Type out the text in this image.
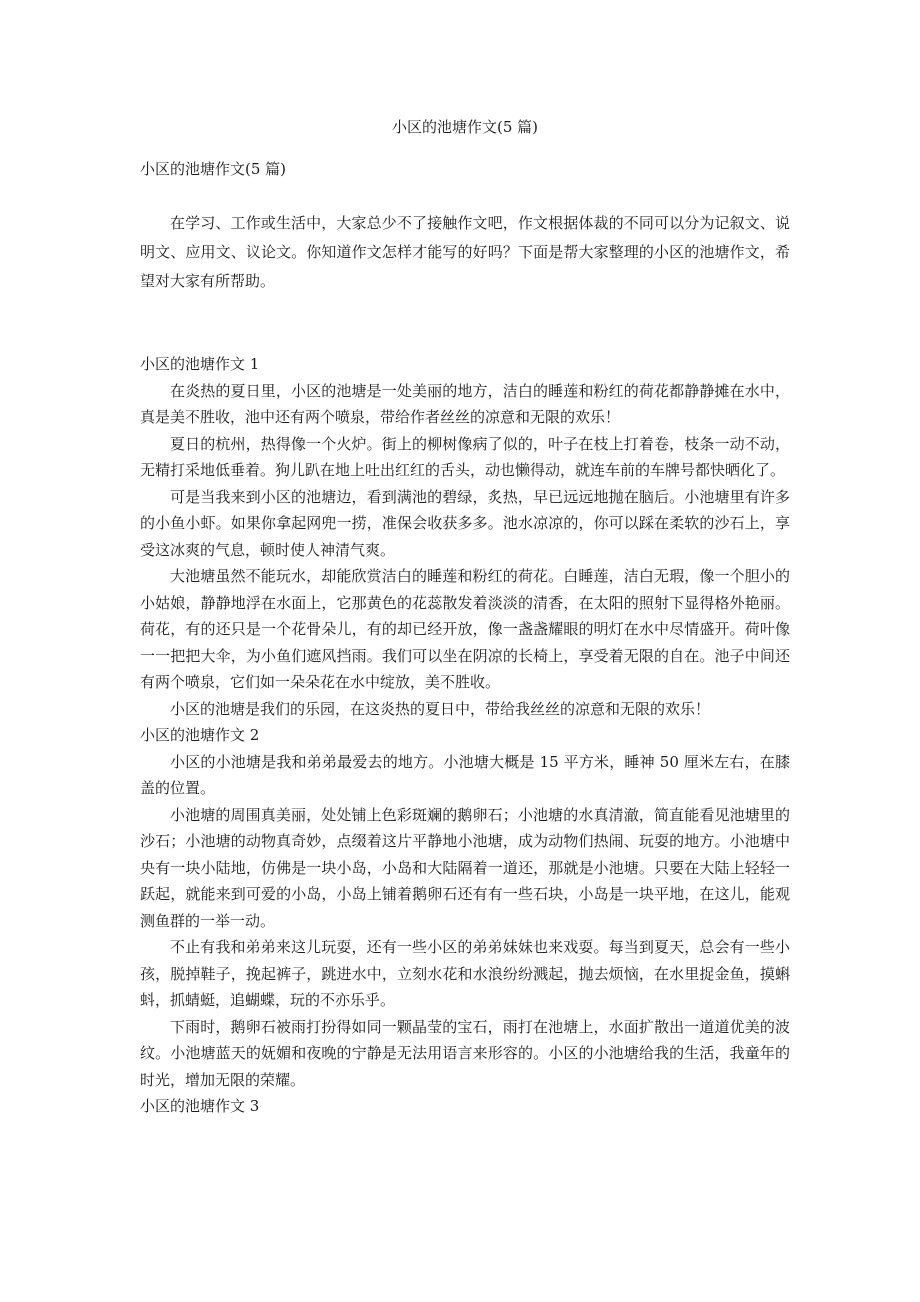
小区的池塘作文(5 篇)
小区的池塘作文(5 篇)

在学习、工作或生活中，大家总少不了接触作文吧，作文根据体裁的不同可以分为记叙文、说明文、应用文、议论文。你知道作文怎样才能写的好吗？下面是帮大家整理的小区的池塘作文，希望对大家有所帮助。

小区的池塘作文 1

在炎热的夏日里，小区的池塘是一处美丽的地方，洁白的睡莲和粉红的荷花都静静摊在水中，真是美不胜收，池中还有两个喷泉，带给作者丝丝的凉意和无限的欢乐！

夏日的杭州，热得像一个火炉。街上的柳树像病了似的，叶子在枝上打着卷，枝条一动不动，无精打采地低垂着。狗儿趴在地上吐出红红的舌头，动也懒得动，就连车前的车牌号都快晒化了。

可是当我来到小区的池塘边，看到满池的碧绿，炙热，早已远远地抛在脑后。小池塘里有许多的小鱼小虾。如果你拿起网兜一捞，准保会收获多多。池水凉凉的，你可以踩在柔软的沙石上，享受这冰爽的气息，顿时使人神清气爽。

大池塘虽然不能玩水，却能欣赏洁白的睡莲和粉红的荷花。白睡莲，洁白无瑕，像一个胆小的小姑娘，静静地浮在水面上，它那黄色的花蕊散发着淡淡的清香，在太阳的照射下显得格外艳丽。荷花，有的还只是一个花骨朵儿，有的却已经开放，像一盏盏耀眼的明灯在水中尽情盛开。荷叶像一一把把大伞，为小鱼们遮风挡雨。我们可以坐在阴凉的长椅上，享受着无限的自在。池子中间还有两个喷泉，它们如一朵朵花在水中绽放，美不胜收。

小区的池塘是我们的乐园，在这炎热的夏日中，带给我丝丝的凉意和无限的欢乐！

小区的池塘作文 2

小区的小池塘是我和弟弟最爱去的地方。小池塘大概是 15 平方米，睡神 50 厘米左右，在膝盖的位置。

小池塘的周围真美丽，处处铺上色彩斑斓的鹅卵石；小池塘的水真清澈，简直能看见池塘里的沙石；小池塘的动物真奇妙，点缀着这片平静地小池塘，成为动物们热闹、玩耍的地方。小池塘中央有一块小陆地，仿佛是一块小岛，小岛和大陆隔着一道还，那就是小池塘。只要在大陆上轻轻一跃起，就能来到可爱的小岛，小岛上铺着鹅卵石还有有一些石块，小岛是一块平地，在这儿，能观测鱼群的一举一动。

不止有我和弟弟来这儿玩耍，还有一些小区的弟弟妹妹也来戏耍。每当到夏天，总会有一些小孩，脱掉鞋子，挽起裤子，跳进水中，立刻水花和水浪纷纷溅起，抛去烦恼，在水里捉金鱼，摸蝌蚪，抓蜻蜓，追蝴蝶，玩的不亦乐乎。

下雨时，鹅卵石被雨打扮得如同一颗晶莹的宝石，雨打在池塘上，水面扩散出一道道优美的波纹。小池塘蓝天的妩媚和夜晚的宁静是无法用语言来形容的。小区的小池塘给我的生活，我童年的时光，增加无限的荣耀。

小区的池塘作文 3
